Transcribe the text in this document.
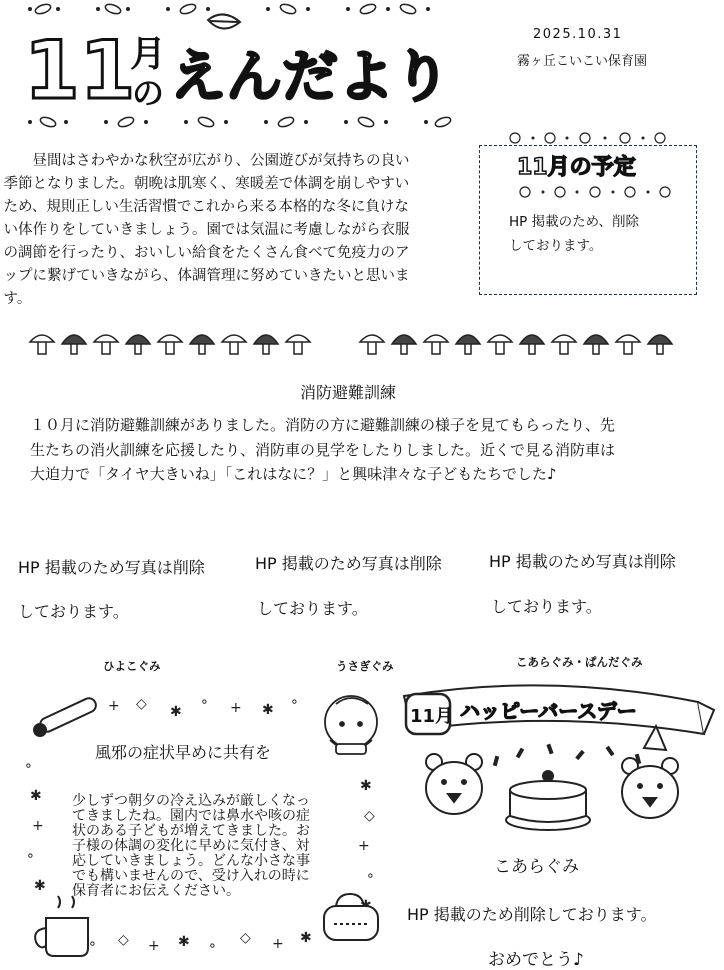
11
月
の えんだより
2025.10.31
霧ヶ丘こいこい保育園
昼間はさわやかな秋空が広がり、公園遊びが気持ちの良い
季節となりました。朝晩は肌寒く、寒暖差で体調を崩しやすい
ため、規則正しい生活習慣でこれから来る本格的な冬に負けな
い体作りをしていきましょう。園では気温に考慮しながら衣服
の調節を行ったり、おいしい給食をたくさん食べて免疫力のア
ップに繋げていきながら、体調管理に努めていきたいと思いま
す。
11月の予定
HP 掲載のため、削除
しております。
消防避難訓練
１０月に消防避難訓練がありました。消防の方に避難訓練の様子を見てもらったり、先
生たちの消火訓練を応援したり、消防車の見学をしたりしました。近くで見る消防車は
大迫力で「タイヤ大きいね」「これはなに？」と興味津々な子どもたちでした♪
HP 掲載のため写真は削除
しております。
HP 掲載のため写真は削除
しております。
HP 掲載のため写真は削除
しております。
ひよこぐみ	うさぎぐみ	こあらぐみ・ぱんだぐみ
+ ◇ ✱
∘ + ✱ ∘
∘
✱
+
∘
✱
✱
◇
+
∘
∘ ◇ + ✱ ∘ ◇ + ✱
風邪の症状早めに共有を
少しずつ朝夕の冷え込みが厳しくなっ
てきましたね。園内では鼻水や咳の症
状のある子どもが増えてきました。お
子様の体調の変化に早めに気付き、対
応していきましょう。どんな小さな事
でも構いませんので、受け入れの時に
保育者にお伝えください。
11月 ハッピーバースデー
こあらぐみ
HP 掲載のため削除しております。
おめでとう♪
